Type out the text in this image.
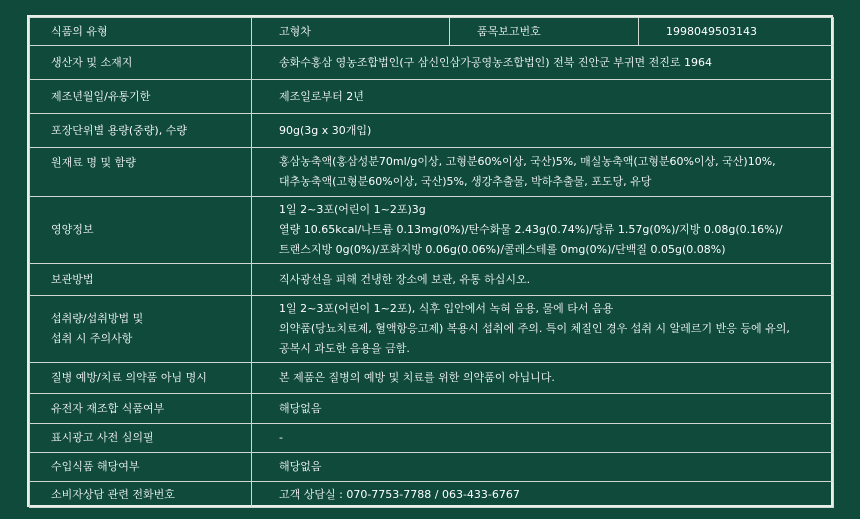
식품의 유형	고형차	품목보고번호	1998049503143
생산자 및 소재지	송화수홍삼 영농조합법인(구 삼신인삼가공영농조합법인) 전북 진안군 부귀면 전진로 1964		
제조년월일/유통기한	제조일로부터 2년		
포장단위별 용량(중량), 수량	90g(3g x 30개입)		
원재료 명 및 함량	홍삼농축액(홍삼성분70ml/g이상, 고형분60%이상, 국산)5%, 매실농축액(고형분60%이상, 국산)10%,
대추농축액(고형분60%이상, 국산)5%, 생강추출물, 박하추출물, 포도당, 유당		

영양정보	1일 2~3포(어린이 1~2포)3g
열량 10.65kcal/나트륨 0.13mg(0%)/탄수화물 2.43g(0.74%)/당류 1.57g(0%)/지방 0.08g(0.16%)/
트랜스지방 0g(0%)/포화지방 0.06g(0.06%)/콜레스테롤 0mg(0%)/단백질 0.05g(0.08%)		

보관방법	직사광선을 피해 건냉한 장소에 보관, 유통 하십시오.		

섭취량/섭취방법 및
섭취 시 주의사항	1일 2~3포(어린이 1~2포), 식후 입안에서 녹혀 음용, 물에 타서 음용
의약품(당뇨치료제, 혈액항응고제) 복용시 섭취에 주의. 특이 체질인 경우 섭취 시 알레르기 반응 등에 유의,
공복시 과도한 음용을 금함.		

질병 예방/치료 의약품 아님 명시	본 제품은 질병의 예방 및 치료를 위한 의약품이 아닙니다.		
유전자 재조합 식품여부	해당없음		
표시광고 사전 심의필	-		
수입식품 해당여부	해당없음		
소비자상담 관련 전화번호	고객 상담실 : 070-7753-7788 / 063-433-6767		
